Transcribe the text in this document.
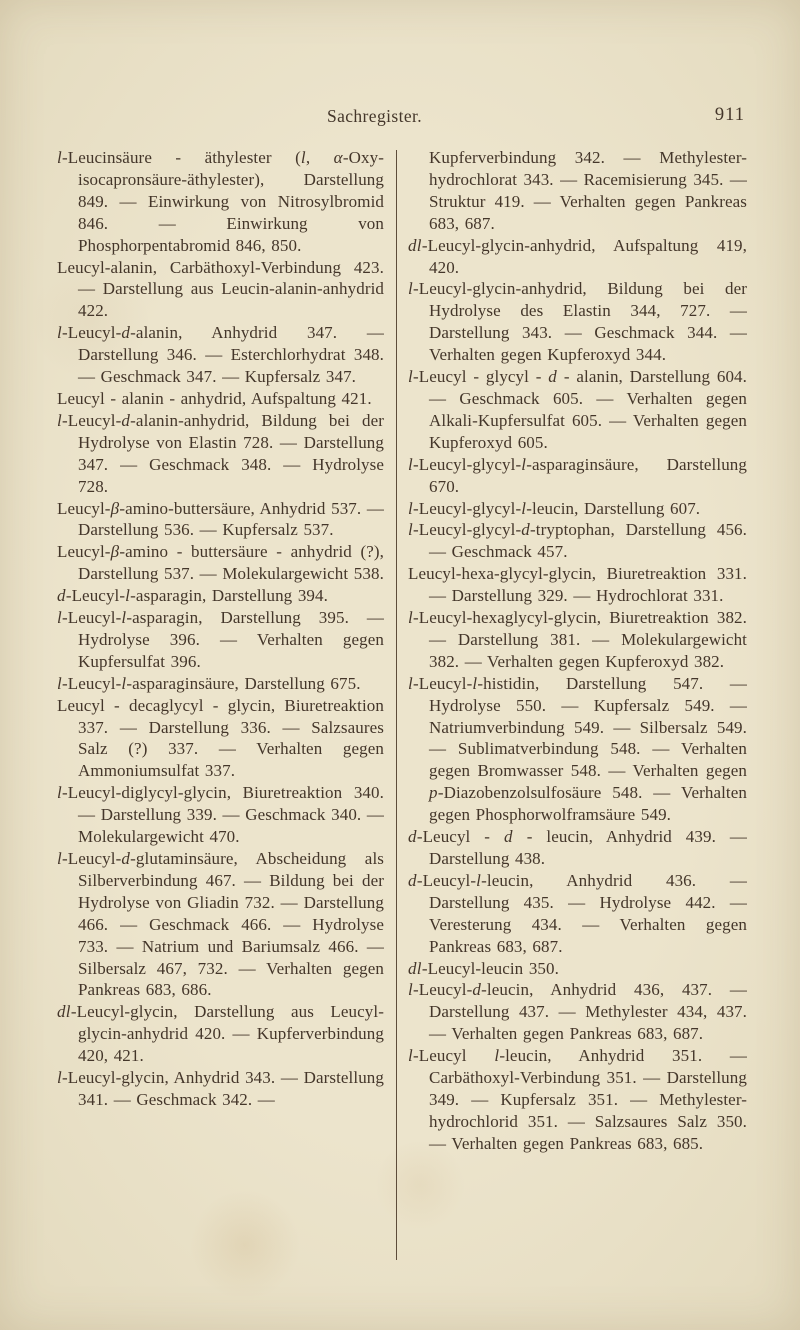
Sachregister.	911

l-Leucinsäure - äthylester (l, α-Oxy-isocapronsäure-äthylester), Darstellung 849. — Einwirkung von Nitrosylbromid 846. — Einwirkung von Phosphorpentabromid 846, 850.

Leucyl-alanin, Carbäthoxyl-Verbindung 423. — Darstellung aus Leucin-alanin-anhydrid 422.

l-Leucyl-d-alanin, Anhydrid 347. — Darstellung 346. — Esterchlorhydrat 348. — Geschmack 347. — Kupfersalz 347.

Leucyl - alanin - anhydrid, Aufspaltung 421.

l-Leucyl-d-alanin-anhydrid, Bildung bei der Hydrolyse von Elastin 728. — Darstellung 347. — Geschmack 348. — Hydrolyse 728.

Leucyl-β-amino-buttersäure, Anhydrid 537. — Darstellung 536. — Kupfersalz 537.

Leucyl-β-amino - buttersäure - anhydrid (?), Darstellung 537. — Molekulargewicht 538.

d-Leucyl-l-asparagin, Darstellung 394.

l-Leucyl-l-asparagin, Darstellung 395. — Hydrolyse 396. — Verhalten gegen Kupfersulfat 396.

l-Leucyl-l-asparaginsäure, Darstellung 675.

Leucyl - decaglycyl - glycin, Biuretreaktion 337. — Darstellung 336. — Salzsaures Salz (?) 337. — Verhalten gegen Ammoniumsulfat 337.

l-Leucyl-diglycyl-glycin, Biuretreaktion 340. — Darstellung 339. — Geschmack 340. — Molekulargewicht 470.

l-Leucyl-d-glutaminsäure, Abscheidung als Silberverbindung 467. — Bildung bei der Hydrolyse von Gliadin 732. — Darstellung 466. — Geschmack 466. — Hydrolyse 733. — Natrium und Bariumsalz 466. — Silbersalz 467, 732. — Verhalten gegen Pankreas 683, 686.

dl-Leucyl-glycin, Darstellung aus Leucyl-glycin-anhydrid 420. — Kupferverbindung 420, 421.

l-Leucyl-glycin, Anhydrid 343. — Darstellung 341. — Geschmack 342. —

Kupferverbindung 342. — Methylester-hydrochlorat 343. — Racemisierung 345. — Struktur 419. — Verhalten gegen Pankreas 683, 687.

dl-Leucyl-glycin-anhydrid, Aufspaltung 419, 420.

l-Leucyl-glycin-anhydrid, Bildung bei der Hydrolyse des Elastin 344, 727. — Darstellung 343. — Geschmack 344. — Verhalten gegen Kupferoxyd 344.

l-Leucyl - glycyl - d - alanin, Darstellung 604. — Geschmack 605. — Verhalten gegen Alkali-Kupfersulfat 605. — Verhalten gegen Kupferoxyd 605.

l-Leucyl-glycyl-l-asparaginsäure, Darstellung 670.

l-Leucyl-glycyl-l-leucin, Darstellung 607.

l-Leucyl-glycyl-d-tryptophan, Darstellung 456. — Geschmack 457.

Leucyl-hexa-glycyl-glycin, Biuretreaktion 331. — Darstellung 329. — Hydrochlorat 331.

l-Leucyl-hexaglycyl-glycin, Biuretreaktion 382. — Darstellung 381. — Molekulargewicht 382. — Verhalten gegen Kupferoxyd 382.

l-Leucyl-l-histidin, Darstellung 547. — Hydrolyse 550. — Kupfersalz 549. — Natriumverbindung 549. — Silbersalz 549. — Sublimatverbindung 548. — Verhalten gegen Bromwasser 548. — Verhalten gegen p-Diazobenzolsulfosäure 548. — Verhalten gegen Phosphorwolframsäure 549.

d-Leucyl - d - leucin, Anhydrid 439. — Darstellung 438.

d-Leucyl-l-leucin, Anhydrid 436. — Darstellung 435. — Hydrolyse 442. — Veresterung 434. — Verhalten gegen Pankreas 683, 687.

dl-Leucyl-leucin 350.

l-Leucyl-d-leucin, Anhydrid 436, 437. — Darstellung 437. — Methylester 434, 437. — Verhalten gegen Pankreas 683, 687.

l-Leucyl l-leucin, Anhydrid 351. — Carbäthoxyl-Verbindung 351. — Darstellung 349. — Kupfersalz 351. — Methylester-hydrochlorid 351. — Salzsaures Salz 350. — Verhalten gegen Pankreas 683, 685.
